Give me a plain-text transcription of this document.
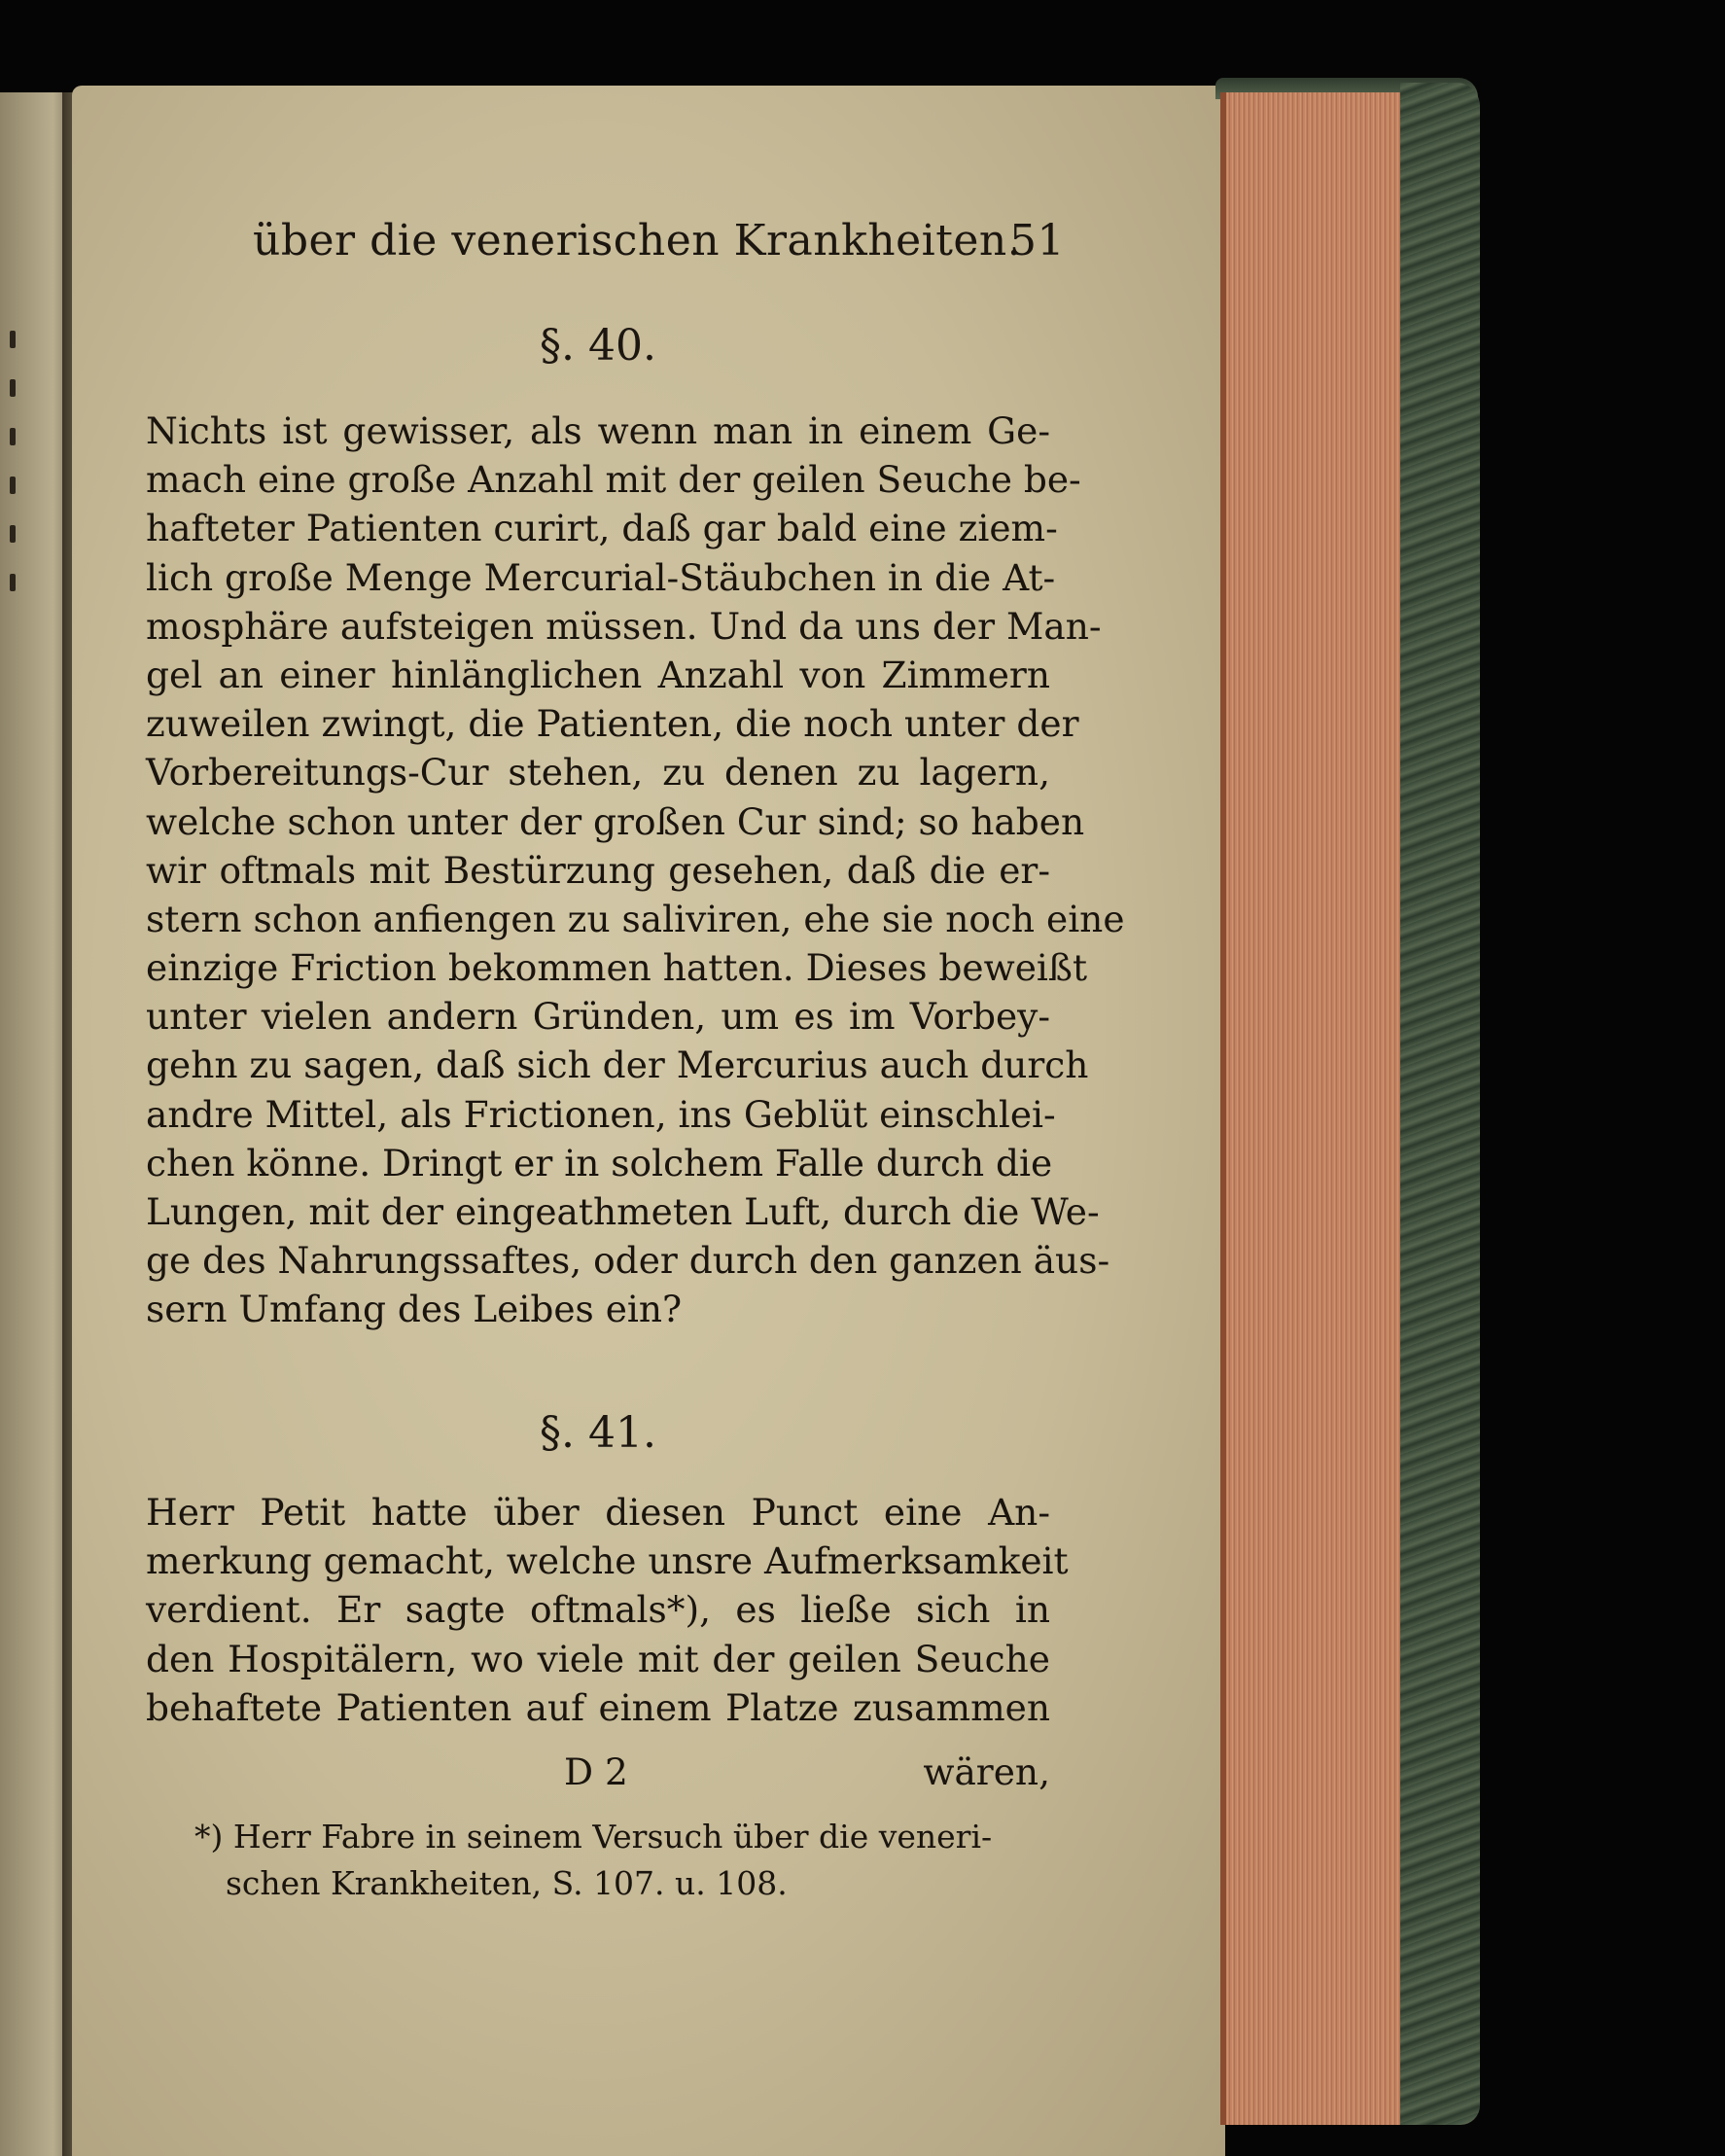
über die venerischen Krankheiten.
51
§. 40.
Nichts ist gewisser, als wenn man in einem Ge-
mach eine große Anzahl mit der geilen Seuche be-
hafteter Patienten curirt, daß gar bald eine ziem-
lich große Menge Mercurial-Stäubchen in die At-
mosphäre aufsteigen müssen. Und da uns der Man-
gel an einer hinlänglichen Anzahl von Zimmern
zuweilen zwingt, die Patienten, die noch unter der
Vorbereitungs-Cur stehen, zu denen zu lagern,
welche schon unter der großen Cur sind; so haben
wir oftmals mit Bestürzung gesehen, daß die er-
stern schon anfiengen zu saliviren, ehe sie noch eine
einzige Friction bekommen hatten. Dieses beweißt
unter vielen andern Gründen, um es im Vorbey-
gehn zu sagen, daß sich der Mercurius auch durch
andre Mittel, als Frictionen, ins Geblüt einschlei-
chen könne. Dringt er in solchem Falle durch die
Lungen, mit der eingeathmeten Luft, durch die We-
ge des Nahrungssaftes, oder durch den ganzen äus-
sern Umfang des Leibes ein?
§. 41.
Herr Petit hatte über diesen Punct eine An-
merkung gemacht, welche unsre Aufmerksamkeit
verdient. Er sagte oftmals*), es ließe sich in
den Hospitälern, wo viele mit der geilen Seuche
behaftete Patienten auf einem Platze zusammen
D 2	wären,
*) Herr Fabre in seinem Versuch über die veneri-
schen Krankheiten, S. 107. u. 108.
